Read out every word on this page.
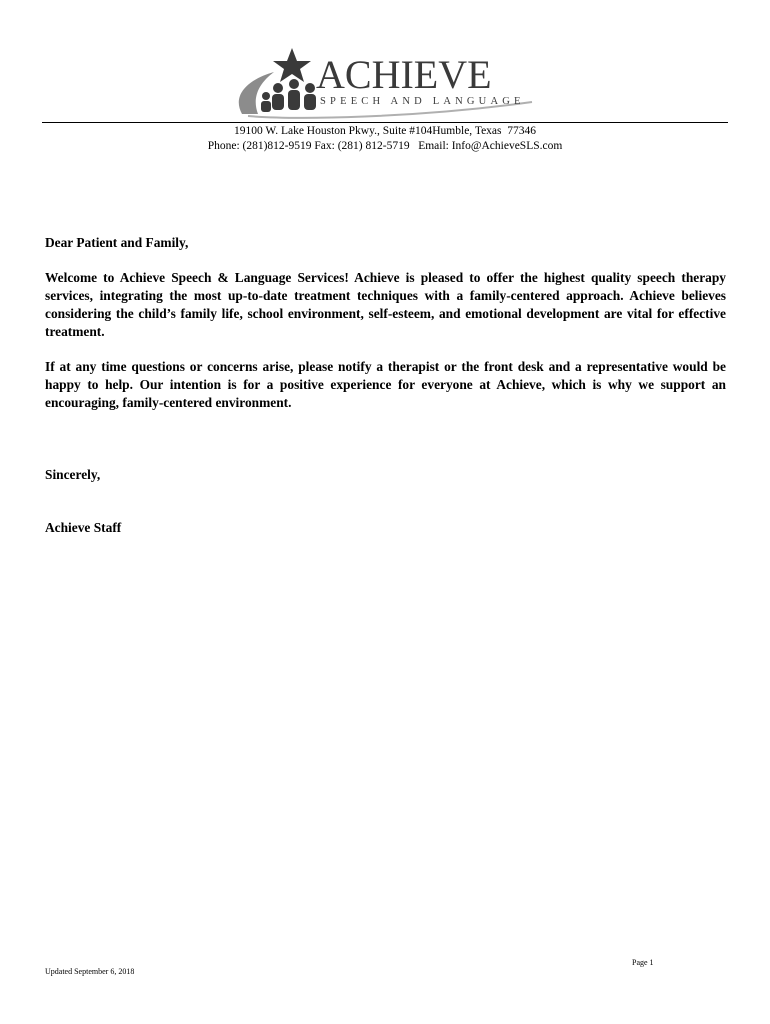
ACHIEVE
SPEECH AND LANGUAGE
19100 W. Lake Houston Pkwy., Suite #104Humble, Texas  77346
Phone: (281)812-9519 Fax: (281) 812-5719   Email: Info@AchieveSLS.com
Dear Patient and Family,
Welcome to Achieve Speech & Language Services! Achieve is pleased to offer the highest quality speech therapy services, integrating the most up-to-date treatment techniques with a family-centered approach. Achieve believes considering the child’s family life, school environment, self-esteem, and emotional development are vital for effective treatment.
If at any time questions or concerns arise, please notify a therapist or the front desk and a representative would be happy to help. Our intention is for a positive experience for everyone at Achieve, which is why we support an encouraging, family-centered environment.
Sincerely,
Achieve Staff
Updated September 6, 2018
Page 1
